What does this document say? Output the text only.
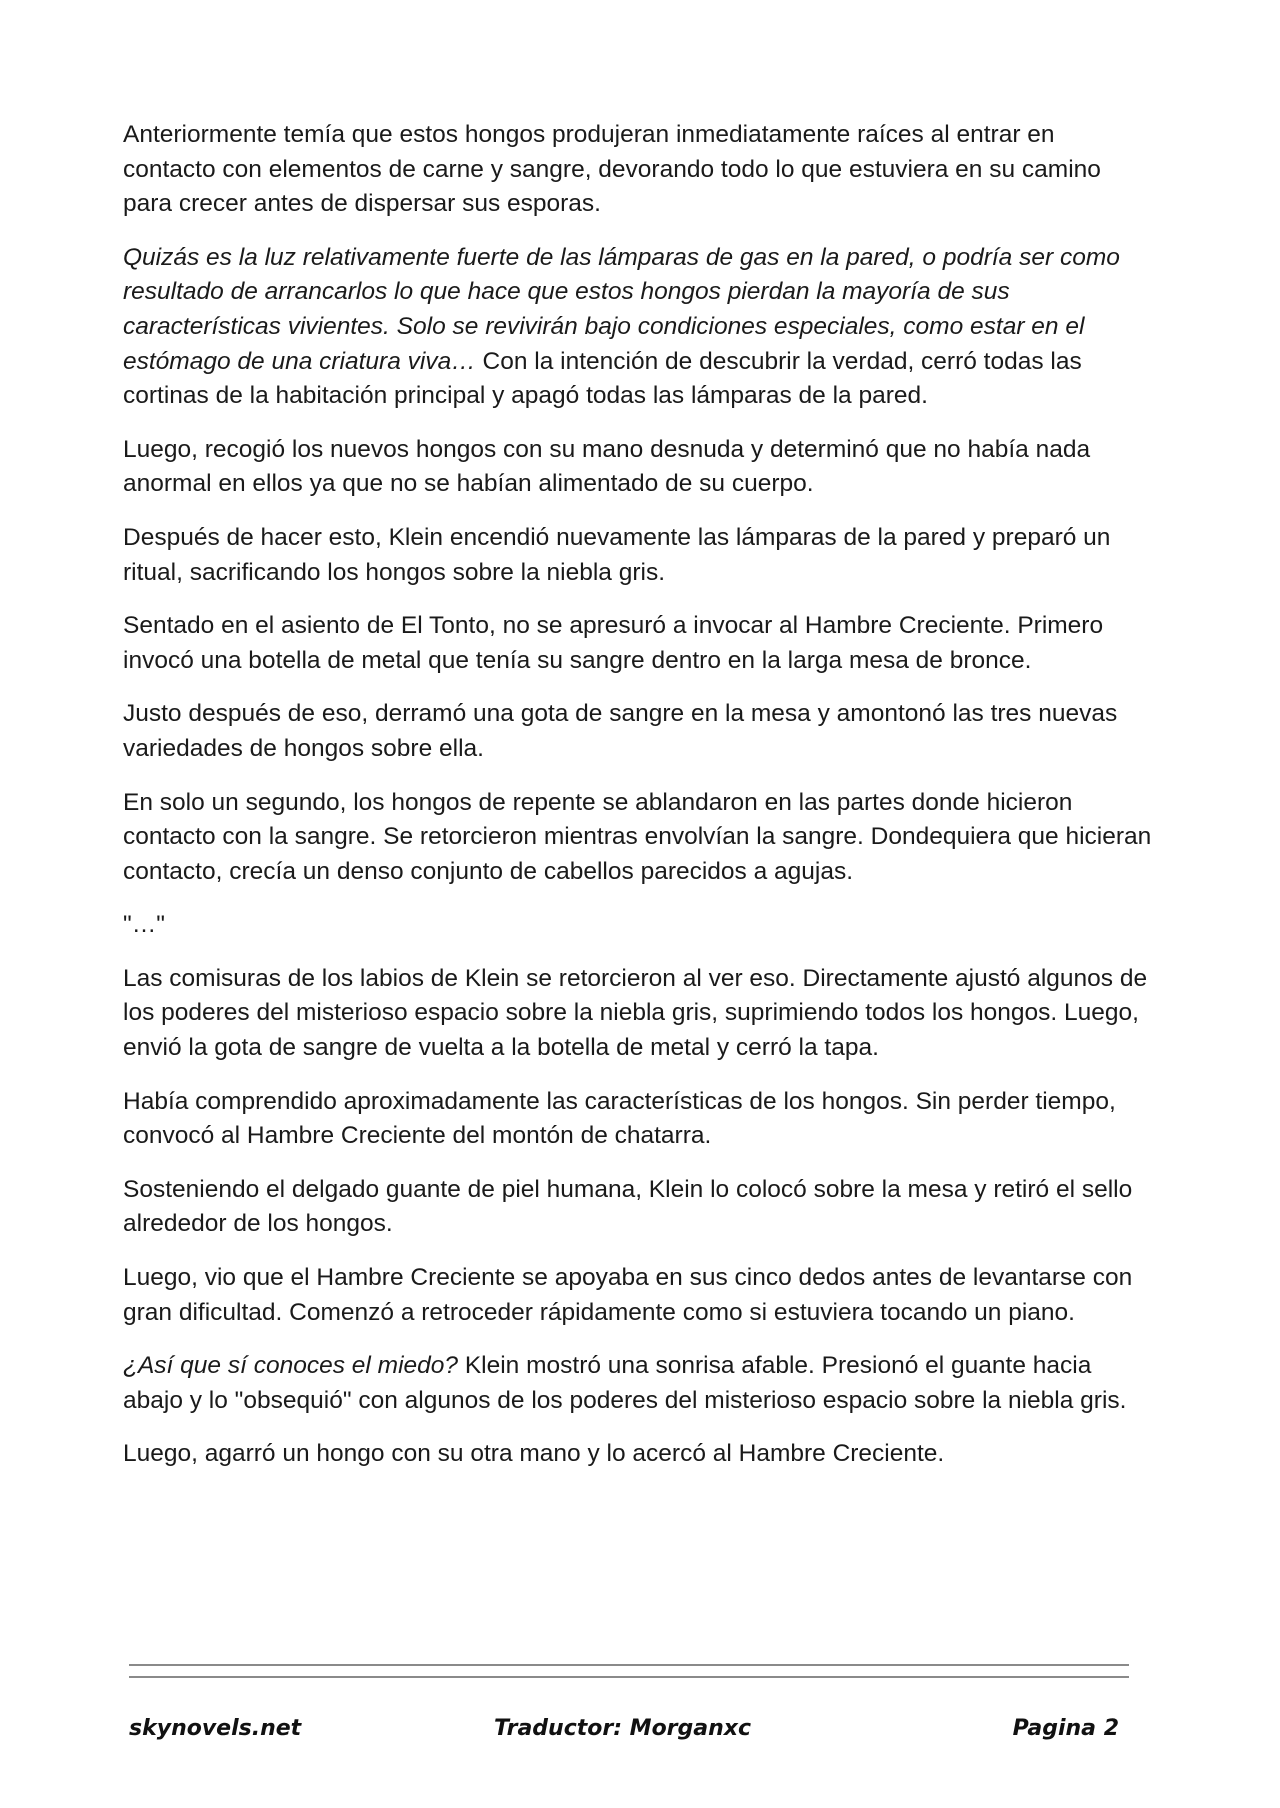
Anteriormente temía que estos hongos produjeran inmediatamente raíces al entrar en contacto con elementos de carne y sangre, devorando todo lo que estuviera en su camino para crecer antes de dispersar sus esporas.

Quizás es la luz relativamente fuerte de las lámparas de gas en la pared, o podría ser como resultado de arrancarlos lo que hace que estos hongos pierdan la mayoría de sus características vivientes. Solo se revivirán bajo condiciones especiales, como estar en el estómago de una criatura viva… Con la intención de descubrir la verdad, cerró todas las cortinas de la habitación principal y apagó todas las lámparas de la pared.

Luego, recogió los nuevos hongos con su mano desnuda y determinó que no había nada anormal en ellos ya que no se habían alimentado de su cuerpo.

Después de hacer esto, Klein encendió nuevamente las lámparas de la pared y preparó un ritual, sacrificando los hongos sobre la niebla gris.

Sentado en el asiento de El Tonto, no se apresuró a invocar al Hambre Creciente. Primero invocó una botella de metal que tenía su sangre dentro en la larga mesa de bronce.

Justo después de eso, derramó una gota de sangre en la mesa y amontonó las tres nuevas variedades de hongos sobre ella.

En solo un segundo, los hongos de repente se ablandaron en las partes donde hicieron contacto con la sangre. Se retorcieron mientras envolvían la sangre. Dondequiera que hicieran contacto, crecía un denso conjunto de cabellos parecidos a agujas.

"…"

Las comisuras de los labios de Klein se retorcieron al ver eso. Directamente ajustó algunos de los poderes del misterioso espacio sobre la niebla gris, suprimiendo todos los hongos. Luego, envió la gota de sangre de vuelta a la botella de metal y cerró la tapa.

Había comprendido aproximadamente las características de los hongos. Sin perder tiempo, convocó al Hambre Creciente del montón de chatarra.

Sosteniendo el delgado guante de piel humana, Klein lo colocó sobre la mesa y retiró el sello alrededor de los hongos.

Luego, vio que el Hambre Creciente se apoyaba en sus cinco dedos antes de levantarse con gran dificultad. Comenzó a retroceder rápidamente como si estuviera tocando un piano.

¿Así que sí conoces el miedo? Klein mostró una sonrisa afable. Presionó el guante hacia abajo y lo "obsequió" con algunos de los poderes del misterioso espacio sobre la niebla gris.

Luego, agarró un hongo con su otra mano y lo acercó al Hambre Creciente.

skynovels.net	Traductor: Morganxc	Pagina 2
